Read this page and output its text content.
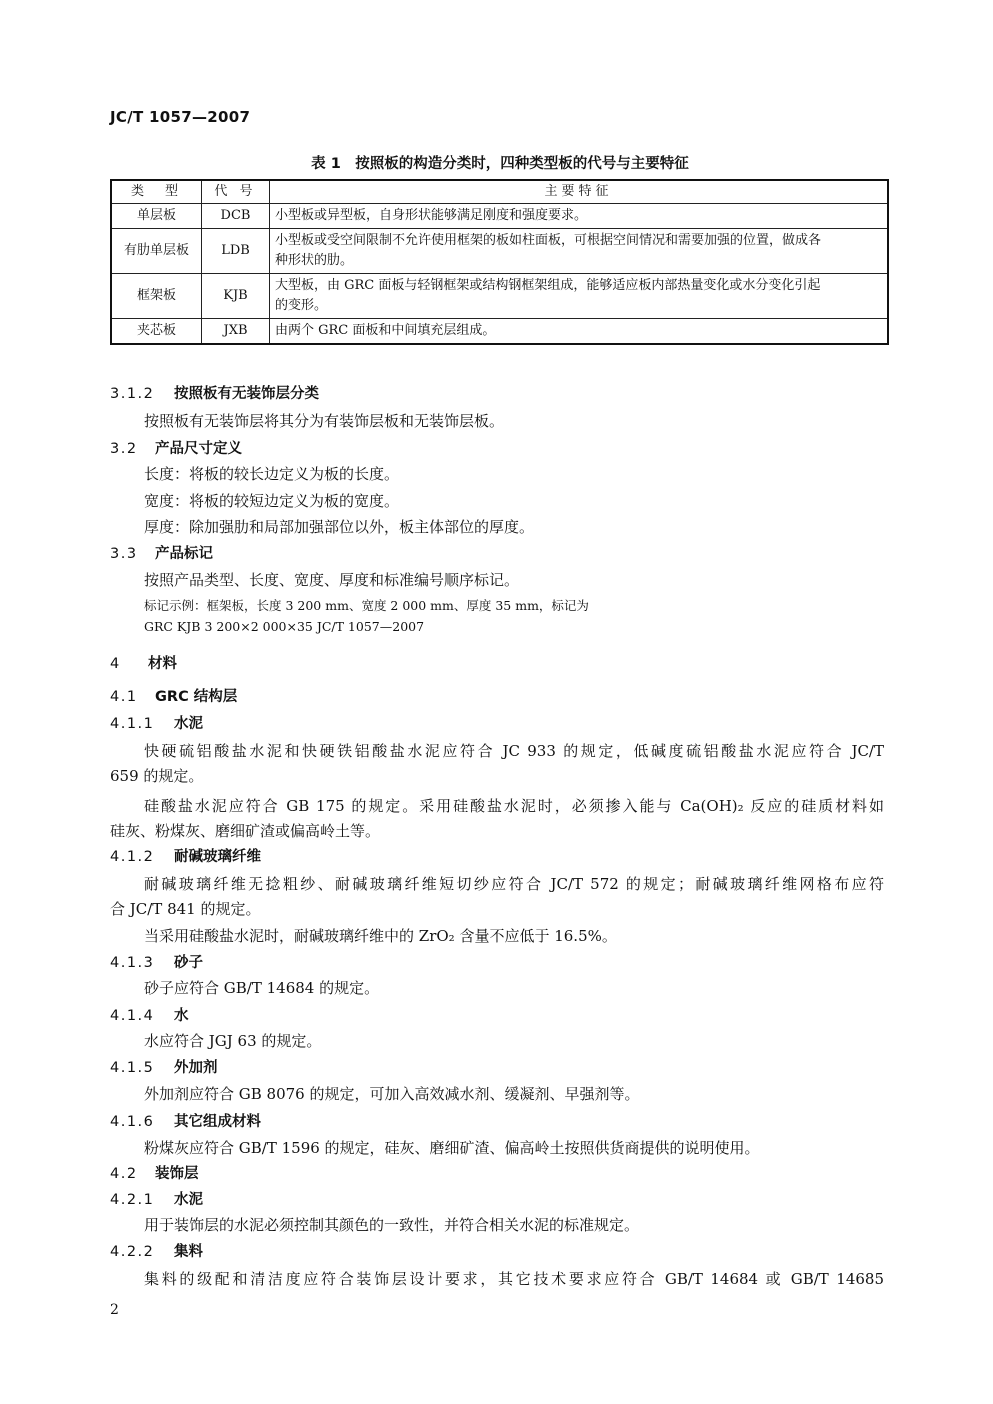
JC/T 1057—2007
表 1　按照板的构造分类时，四种类型板的代号与主要特征
类　型	代 号	主要特征
单层板	DCB	小型板或异型板，自身形状能够满足刚度和强度要求。
有肋单层板	LDB	小型板或受空间限制不允许使用框架的板如柱面板，可根据空间情况和需要加强的位置，做成各
种形状的肋。

框架板	KJB	大型板，由 GRC 面板与轻钢框架或结构钢框架组成，能够适应板内部热量变化或水分变化引起
的变形。

夹芯板	JXB	由两个 GRC 面板和中间填充层组成。
3.1.2 按照板有无装饰层分类
按照板有无装饰层将其分为有装饰层板和无装饰层板。
3.2 产品尺寸定义
长度：将板的较长边定义为板的长度。
宽度：将板的较短边定义为板的宽度。
厚度：除加强肋和局部加强部位以外，板主体部位的厚度。
3.3 产品标记
按照产品类型、长度、宽度、厚度和标准编号顺序标记。
标记示例：框架板，长度 3 200 mm、宽度 2 000 mm、厚度 35 mm，标记为
GRC KJB 3 200×2 000×35 JC/T 1057—2007
4 材料
4.1 GRC 结构层
4.1.1 水泥
快硬硫铝酸盐水泥和快硬铁铝酸盐水泥应符合 JC 933 的规定，低碱度硫铝酸盐水泥应符合 JC/T
659 的规定。
硅酸盐水泥应符合 GB 175 的规定。采用硅酸盐水泥时，必须掺入能与 Ca(OH)₂ 反应的硅质材料如
硅灰、粉煤灰、磨细矿渣或偏高岭土等。
4.1.2 耐碱玻璃纤维
耐碱玻璃纤维无捻粗纱、耐碱玻璃纤维短切纱应符合 JC/T 572 的规定；耐碱玻璃纤维网格布应符
合 JC/T 841 的规定。
当采用硅酸盐水泥时，耐碱玻璃纤维中的 ZrO₂ 含量不应低于 16.5%。
4.1.3 砂子
砂子应符合 GB/T 14684 的规定。
4.1.4 水
水应符合 JGJ 63 的规定。
4.1.5 外加剂
外加剂应符合 GB 8076 的规定，可加入高效减水剂、缓凝剂、早强剂等。
4.1.6 其它组成材料
粉煤灰应符合 GB/T 1596 的规定，硅灰、磨细矿渣、偏高岭土按照供货商提供的说明使用。
4.2 装饰层
4.2.1 水泥
用于装饰层的水泥必须控制其颜色的一致性，并符合相关水泥的标准规定。
4.2.2 集料
集料的级配和清洁度应符合装饰层设计要求，其它技术要求应符合 GB/T 14684 或 GB/T 14685
2
